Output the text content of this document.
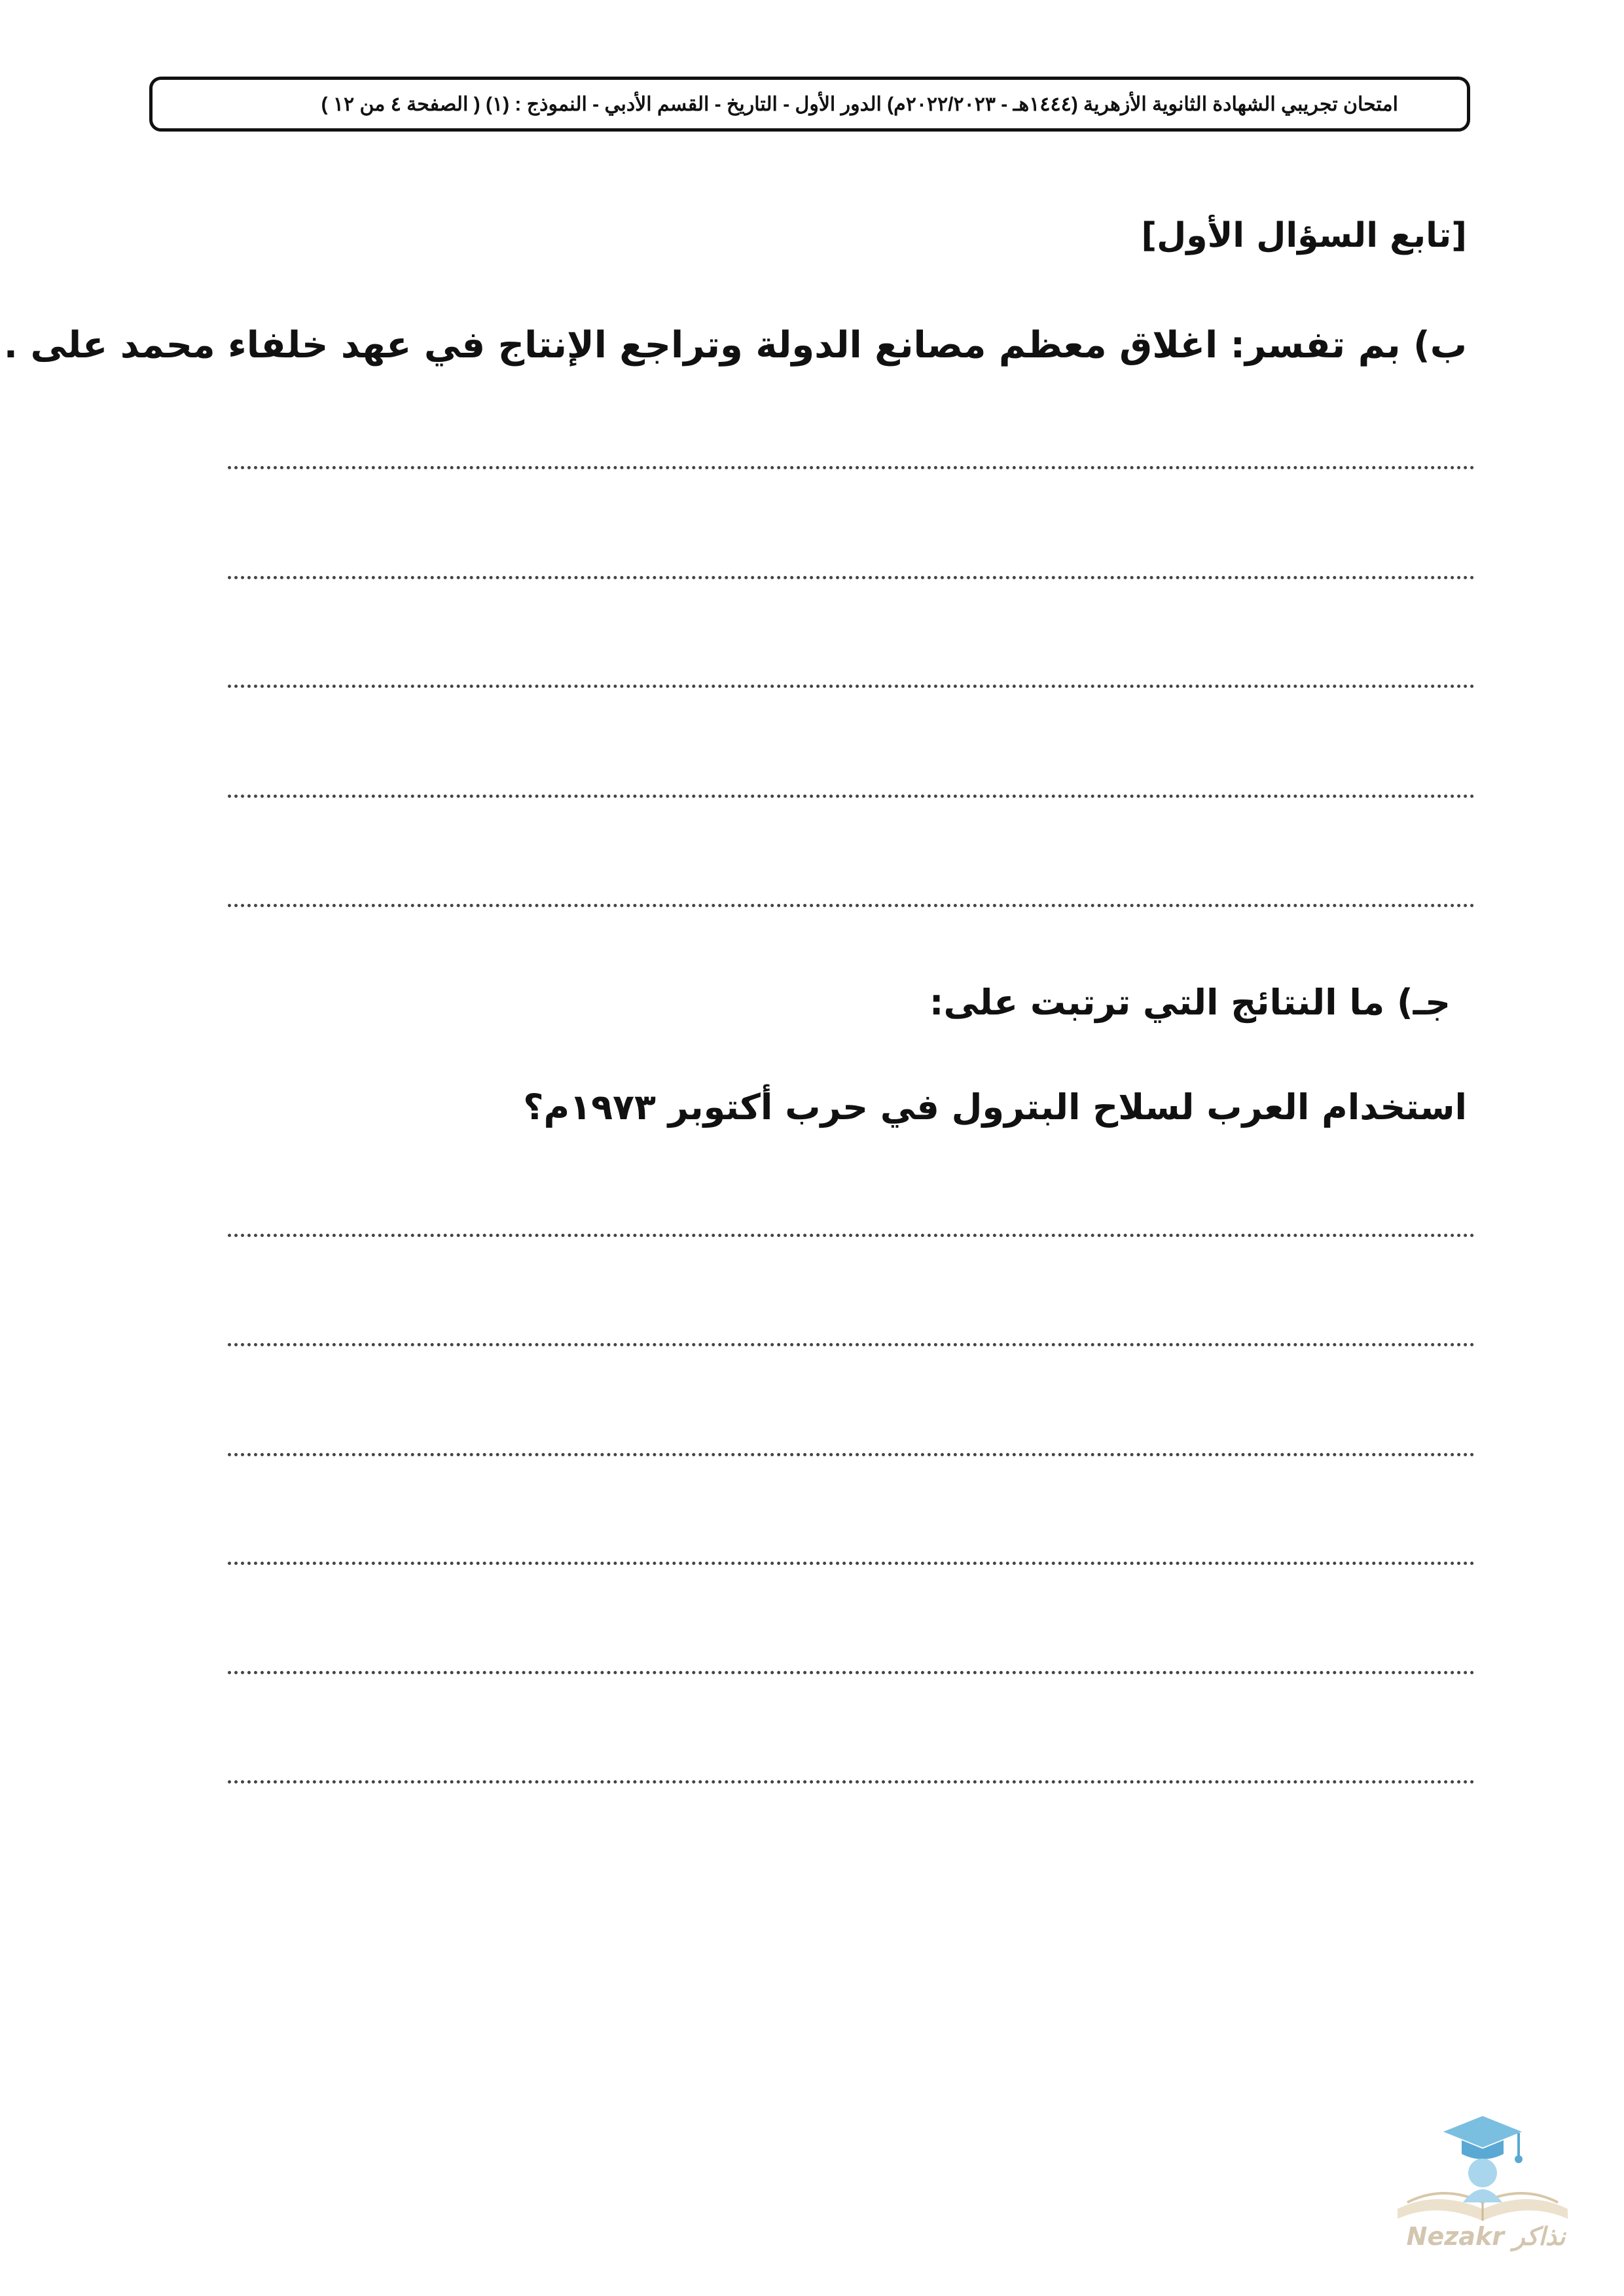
امتحان تجريبي الشهادة الثانوية الأزهرية (١٤٤٤هـ - ٢٠٢٢/٢٠٢٣م) الدور الأول - التاريخ - القسم الأدبي - النموذج : (١) ( الصفحة ٤ من ١٢ )
[تابع السؤال الأول]
ب) بم تفسر: اغلاق معظم مصانع الدولة وتراجع الإنتاج في عهد خلفاء محمد على .
جـ) ما النتائج التي ترتبت على:
استخدام العرب لسلاح البترول في حرب أكتوبر ١٩٧٣م؟
Nezakr نذاكر
